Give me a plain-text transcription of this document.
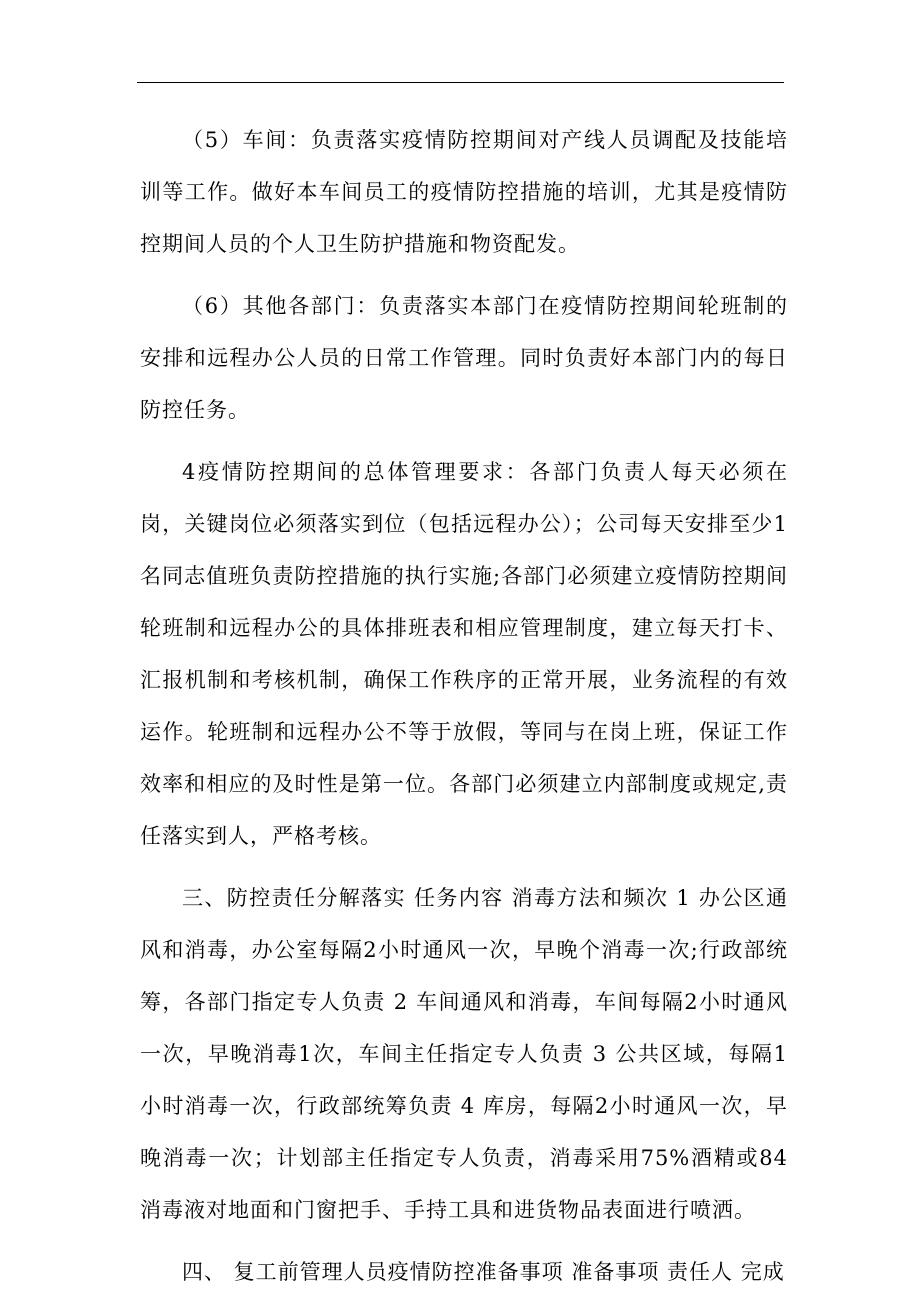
（5）车间：负责落实疫情防控期间对产线人员调配及技能培训等工作。做好本车间员工的疫情防控措施的培训，尤其是疫情防控期间人员的个人卫生防护措施和物资配发。

（6）其他各部门：负责落实本部门在疫情防控期间轮班制的安排和远程办公人员的日常工作管理。同时负责好本部门内的每日防控任务。

4疫情防控期间的总体管理要求：各部门负责人每天必须在岗，关键岗位必须落实到位（包括远程办公）；公司每天安排至少1名同志值班负责防控措施的执行实施;各部门必须建立疫情防控期间轮班制和远程办公的具体排班表和相应管理制度，建立每天打卡、汇报机制和考核机制，确保工作秩序的正常开展，业务流程的有效运作。轮班制和远程办公不等于放假，等同与在岗上班，保证工作效率和相应的及时性是第一位。各部门必须建立内部制度或规定,责任落实到人，严格考核。

三、防控责任分解落实 任务内容 消毒方法和频次 1 办公区通风和消毒，办公室每隔2小时通风一次，早晚个消毒一次;行政部统筹，各部门指定专人负责 2 车间通风和消毒，车间每隔2小时通风一次，早晚消毒1次，车间主任指定专人负责 3 公共区域，每隔1小时消毒一次，行政部统筹负责 4 库房，每隔2小时通风一次，早晚消毒一次；计划部主任指定专人负责，消毒采用75%酒精或84消毒液对地面和门窗把手、手持工具和进货物品表面进行喷洒。

四、 复工前管理人员疫情防控准备事项 准备事项 责任人 完成
